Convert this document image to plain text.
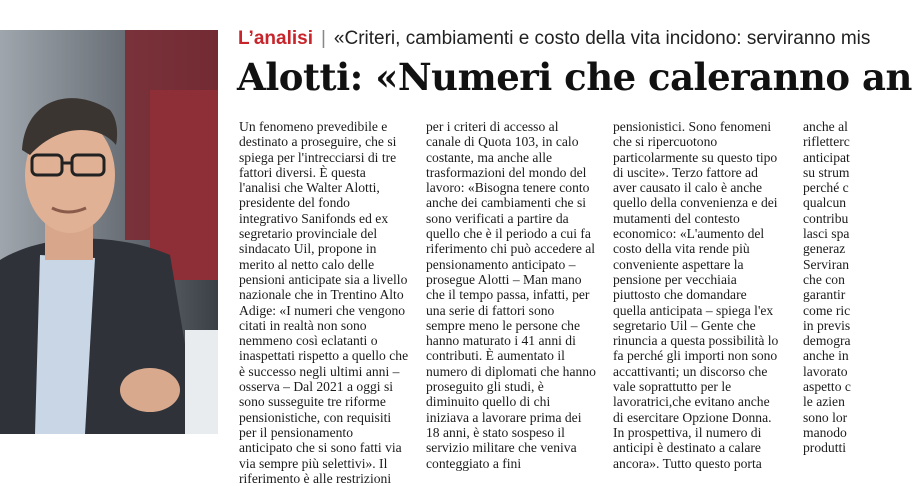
L’analisi | «Criteri, cambiamenti e costo della vita incidono: serviranno mis
Alotti: «Numeri che caleranno an

Un fenomeno prevedibile e destinato a proseguire, che si spiega per l'intrecciarsi di tre fattori diversi. È questa l'analisi che Walter Alotti, presidente del fondo integrativo Sanifonds ed ex segretario provinciale del sindacato Uil, propone in merito al netto calo delle pensioni anticipate sia a livello nazionale che in Trentino Alto Adige: «I numeri che vengono citati in realtà non sono nemmeno così eclatanti o inaspettati rispetto a quello che è successo negli ultimi anni – osserva – Dal 2021 a oggi si sono susseguite tre riforme pensionistiche, con requisiti per il pensionamento anticipato che si sono fatti via via sempre più selettivi». Il riferimento è alle restrizioni

per i criteri di accesso al canale di Quota 103, in calo costante, ma anche alle trasformazioni del mondo del lavoro: «Bisogna tenere conto anche dei cambiamenti che si sono verificati a partire da quello che è il periodo a cui fa riferimento chi può accedere al pensionamento anticipato – prosegue Alotti – Man mano che il tempo passa, infatti, per una serie di fattori sono sempre meno le persone che hanno maturato i 41 anni di contributi. È aumentato il numero di diplomati che hanno proseguito gli studi, è diminuito quello di chi iniziava a lavorare prima dei 18 anni, è stato sospeso il servizio militare che veniva conteggiato a fini

pensionistici. Sono fenomeni che si ripercuotono particolarmente su questo tipo di uscite». Terzo fattore ad aver causato il calo è anche quello della convenienza e dei mutamenti del contesto economico: «L'aumento del costo della vita rende più conveniente aspettare la pensione per vecchiaia piuttosto che domandare quella anticipata – spiega l'ex segretario Uil – Gente che rinuncia a questa possibilità lo fa perché gli importi non sono accattivanti; un discorso che vale soprattutto per le lavoratrici,che evitano anche di esercitare Opzione Donna. In prospettiva, il numero di anticipi è destinato a calare ancora». Tutto questo porta

anche al
rifletterc
anticipat
su strum
perché c
qualcun
contribu
lasci spa
generaz
Serviran
che con
garantir
come ric
in previs
demogra
anche in
lavorato
aspetto c
le azien
sono lor
manodo
produtti
